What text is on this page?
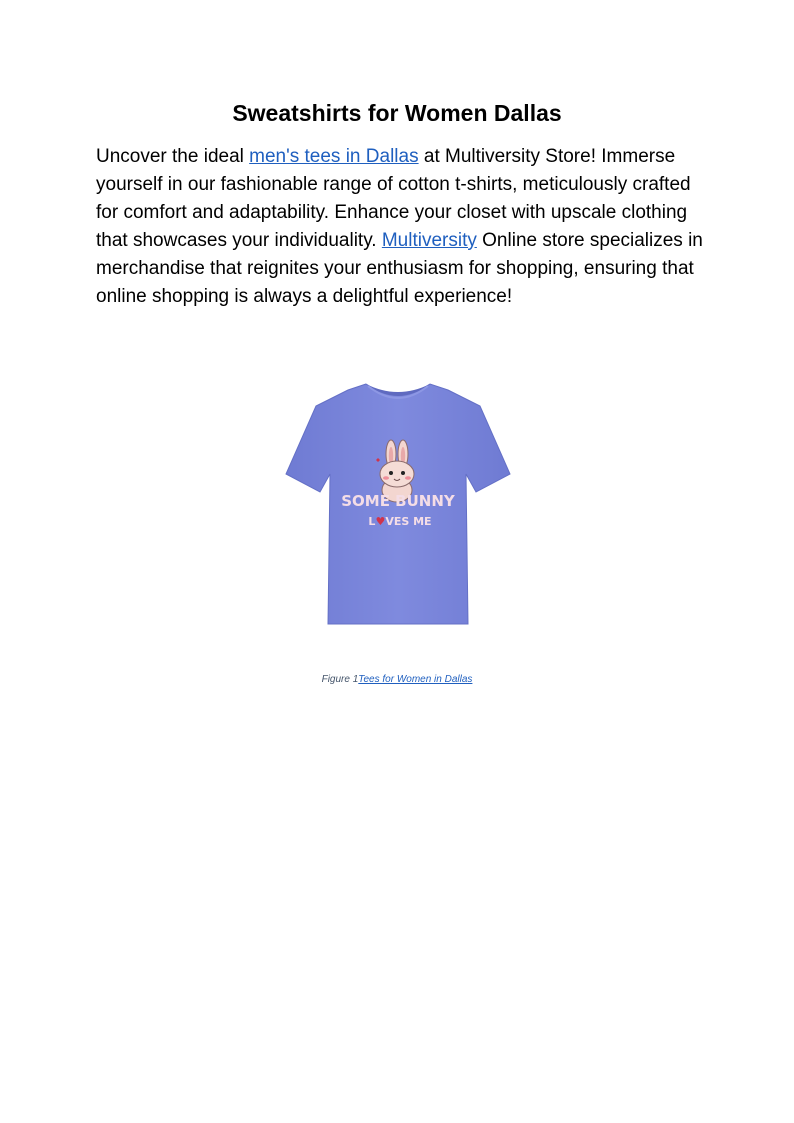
Sweatshirts for Women Dallas

Uncover the ideal men's tees in Dallas at Multiversity Store! Immerse yourself in our fashionable range of cotton t-shirts, meticulously crafted for comfort and adaptability. Enhance your closet with upscale clothing that showcases your individuality. Multiversity Online store specializes in merchandise that reignites your enthusiasm for shopping, ensuring that online shopping is always a delightful experience!

SOME BUNNY
L♥VES ME
Figure 1Tees for Women in Dallas
